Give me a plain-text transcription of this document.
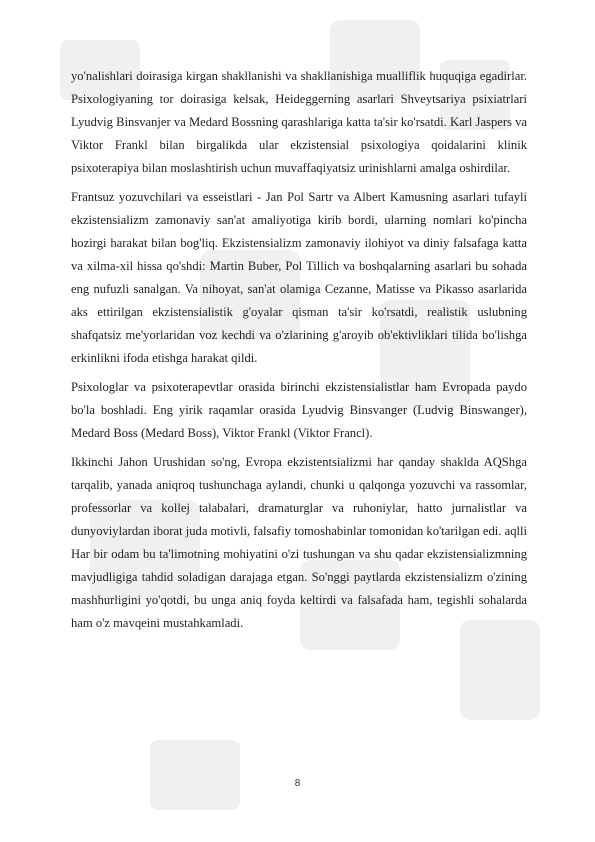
yo'nalishlari doirasiga kirgan shakllanishi va shakllanishiga mualliflik huquqiga egadirlar. Psixologiyaning tor doirasiga kelsak, Heideggerning asarlari Shveytsariya psixiatrlari Lyudvig Binsvanjer va Medard Bossning qarashlariga katta ta'sir ko'rsatdi. Karl Jaspers va Viktor Frankl bilan birgalikda ular ekzistensial psixologiya qoidalarini klinik psixoterapiya bilan moslashtirish uchun muvaffaqiyatsiz urinishlarni amalga oshirdilar.

Frantsuz yozuvchilari va esseistlari - Jan Pol Sartr va Albert Kamusning asarlari tufayli ekzistensializm zamonaviy san'at amaliyotiga kirib bordi, ularning nomlari ko'pincha hozirgi harakat bilan bog'liq. Ekzistensializm zamonaviy ilohiyot va diniy falsafaga katta va xilma-xil hissa qo'shdi: Martin Buber, Pol Tillich va boshqalarning asarlari bu sohada eng nufuzli sanalgan. Va nihoyat, san'at olamiga Cezanne, Matisse va Pikasso asarlarida aks ettirilgan ekzistensialistik g'oyalar qisman ta'sir ko'rsatdi, realistik uslubning shafqatsiz me'yorlaridan voz kechdi va o'zlarining g'aroyib ob'ektivliklari tilida bo'lishga erkinlikni ifoda etishga harakat qildi.

Psixologlar va psixoterapevtlar orasida birinchi ekzistensialistlar ham Evropada paydo bo'la boshladi. Eng yirik raqamlar orasida Lyudvig Binsvanger (Ludvig Binswanger), Medard Boss (Medard Boss), Viktor Frankl (Viktor Francl).

Ikkinchi Jahon Urushidan so'ng, Evropa ekzistentsializmi har qanday shaklda AQShga tarqalib, yanada aniqroq tushunchaga aylandi, chunki u qalqonga yozuvchi va rassomlar, professorlar va kollej talabalari, dramaturglar va ruhoniylar, hatto jurnalistlar va dunyoviylardan iborat juda motivli, falsafiy tomoshabinlar tomonidan ko'tarilgan edi. aqlli Har bir odam bu ta'limotning mohiyatini o'zi tushungan va shu qadar ekzistensializmning mavjudligiga tahdid soladigan darajaga etgan. So'nggi paytlarda ekzistensializm o'zining mashhurligini yo'qotdi, bu unga aniq foyda keltirdi va falsafada ham, tegishli sohalarda ham o'z mavqeini mustahkamladi.

8
